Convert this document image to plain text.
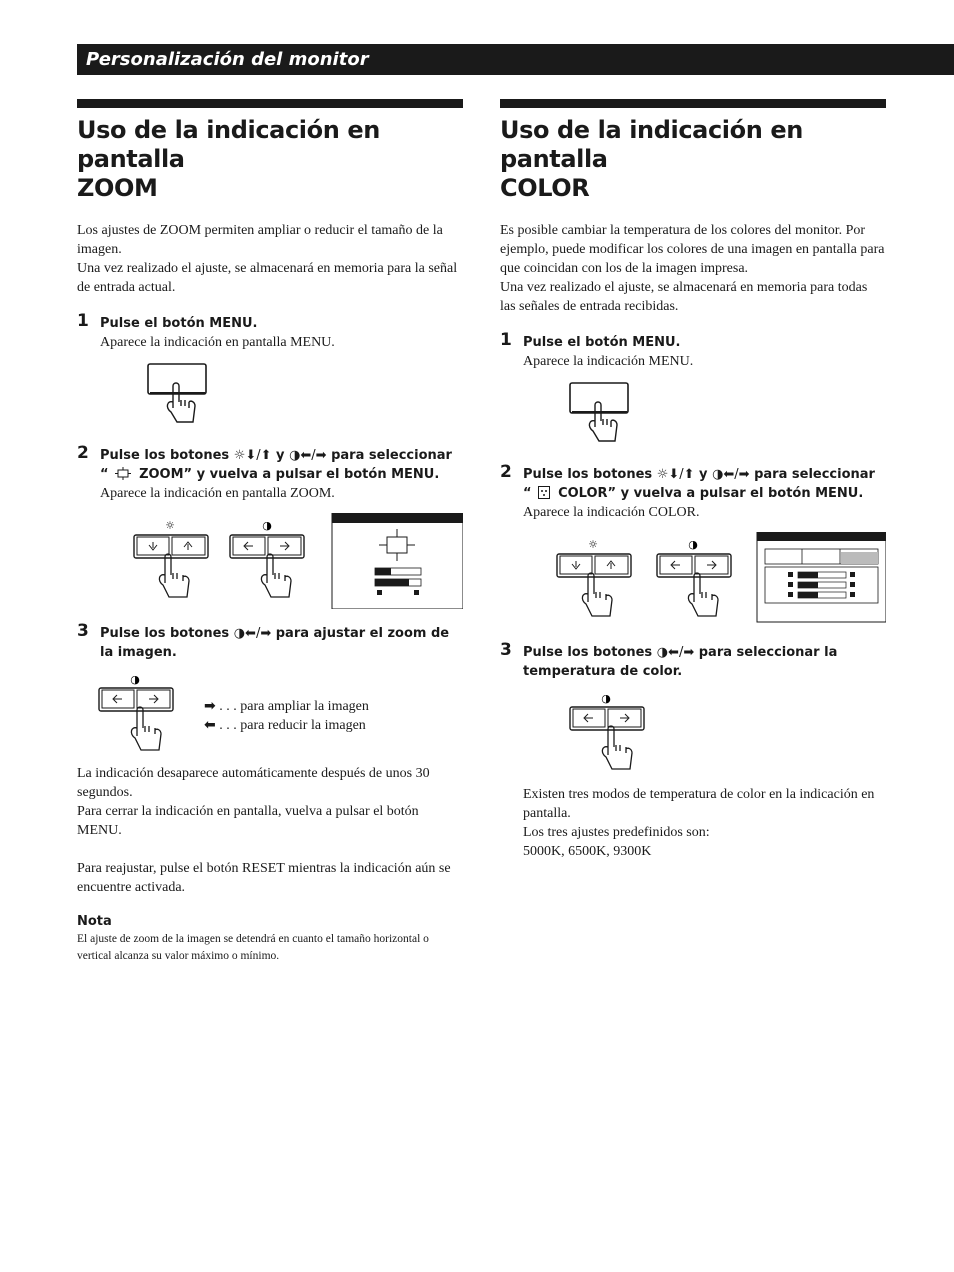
Personalización del monitor
Uso de la indicación en pantalla
ZOOM

Los ajustes de ZOOM permiten ampliar o reducir el tamaño de la imagen.

Una vez realizado el ajuste, se almacenará en memoria para la señal de entrada actual.

1 Pulse el botón MENU.
Aparece la indicación en pantalla MENU.
2 Pulse los botones ☼⬇/⬆ y ◑⬅/➡ para seleccionar
“
ZOOM” y vuelva a pulsar el botón MENU.
Aparece la indicación en pantalla ZOOM.
☼	◑
3 Pulse los botones ◑⬅/➡ para ajustar el zoom de la imagen.
◑
➡ . . . para ampliar la imagen
⬅ . . . para reducir la imagen

La indicación desaparece automáticamente después de unos 30 segundos.

Para cerrar la indicación en pantalla, vuelva a pulsar el botón MENU.

Para reajustar, pulse el botón RESET mientras la indicación aún se encuentre activada.

Nota
El ajuste de zoom de la imagen se detendrá en cuanto el tamaño horizontal o vertical alcanza su valor máximo o mínimo.
Uso de la indicación en pantalla
COLOR

Es posible cambiar la temperatura de los colores del monitor. Por ejemplo, puede modificar los colores de una imagen en pantalla para que coincidan con los de la imagen impresa.

Una vez realizado el ajuste, se almacenará en memoria para todas las señales de entrada recibidas.

1 Pulse el botón MENU.
Aparece la indicación MENU.
2 Pulse los botones ☼⬇/⬆ y ◑⬅/➡ para seleccionar
“
COLOR” y vuelva a pulsar el botón MENU.
Aparece la indicación COLOR.
☼	◑
3 Pulse los botones ◑⬅/➡ para seleccionar la temperatura de color.
◑

Existen tres modos de temperatura de color en la indicación en pantalla.

Los tres ajustes predefinidos son:

5000K, 6500K, 9300K
